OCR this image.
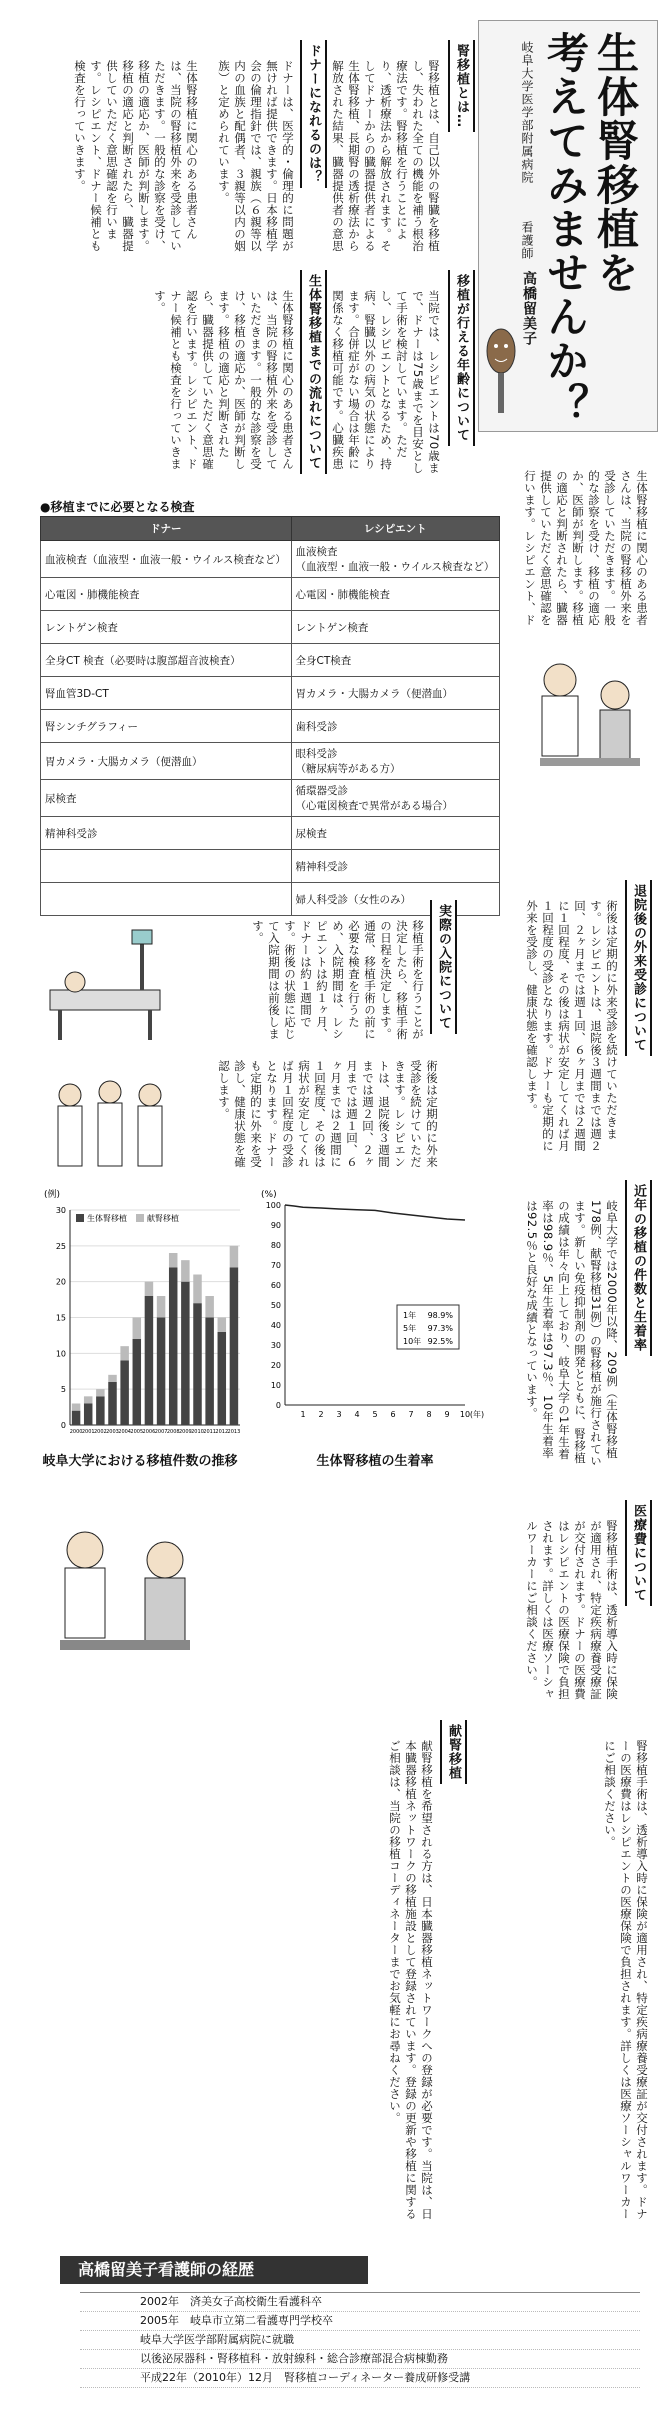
生体腎移植を
考えてみませんか？
岐阜大学医学部附属病院
看護師
高橋留美子
腎移植とは…
腎移植とは、自己以外の腎臓を移植し、失われた全ての機能を補う根治療法です。腎移植を行うことにより、透析療法から解放されます。そしてドナーからの臓器提供者による生体腎移植、長期腎の透析療法から解放された結果、臓器提供者の意思
移植が行える年齢について
当院では、レシピエントは70歳まで、ドナーは75歳までを目安として手術を検討しています。ただし、レシピエントとなるため、持病、腎臓以外の病気の状態によります。合併症がない場合は年齢に関係なく移植可能です。心臓疾患
ドナーになれるのは？
ドナーは、医学的・倫理的に問題が無ければ提供できます。日本移植学会の倫理指針では、親族（６親等以内の血族と配偶者、３親等以内の姻族）と定められています。
生体腎移植までの流れについて
生体腎移植に関心のある患者さんは、当院の腎移植外来を受診していただきます。一般的な診察を受け、移植の適応か、医師が判断します。移植の適応と判断されたら、臓器提供していただく意思確認を行います。レシピエント、ドナー候補とも検査を行っていきます。
生体腎移植に関心のある患者さんは、当院の腎移植外来を受診していただきます。一般的な診察を受け、移植の適応か、医師が判断します。移植の適応と判断されたら、臓器提供していただく意思確認を行います。レシピエント、ドナー候補とも検査を行っていきます。
●移植までに必要となる検査
ドナー	レシピエント
血液検査（血液型・血液一般・ウイルス検査など）	血液検査
（血液型・血液一般・ウイルス検査など）
心電図・肺機能検査	心電図・肺機能検査
レントゲン検査	レントゲン検査
全身CT 検査（必要時は腹部超音波検査）	全身CT検査
腎血管3D-CT	胃カメラ・大腸カメラ（便潜血）
腎シンチグラフィー	歯科受診
胃カメラ・大腸カメラ（便潜血）	眼科受診
（糖尿病等がある方）
尿検査	循環器受診
（心電図検査で異常がある場合）
精神科受診	尿検査
	精神科受診
	婦人科受診（女性のみ）
生体腎移植に関心のある患者さんは、当院の腎移植外来を受診していただきます。一般的な診察を受け、移植の適応か、医師が判断します。移植の適応と判断されたら、臓器提供していただく意思確認を行います。レシピエント、ド
実際の入院について
移植手術を行うことが決定したら、移植手術の日程を決定します。通常、移植手術の前に必要な検査を行うため、入院期間は、レシピエントは約１ヶ月、ドナーは約１週間です。術後の状態に応じて入院期間は前後します。	退院後の外来受診について
術後は定期的に外来受診を続けていただきます。レシピエントは、退院後３週間までは週２回、２ヶ月までは週１回、６ヶ月までは２週間に１回程度、その後は病状が安定してくれば月１回程度の受診となります。ドナーも定期的に外来を受診し、健康状態を確認します。
術後は定期的に外来受診を続けていただきます。レシピエントは、退院後３週間までは週２回、２ヶ月までは週１回、６ヶ月までは２週間に１回程度、その後は病状が安定してくれば月１回程度の受診となります。ドナーも定期的に外来を受診し、健康状態を確認します。
近年の移植の件数と生着率
岐阜大学では2000年以降、209例（生体腎移植178例、献腎移植31例）の腎移植が施行されています。新しい免疫抑制剤の開発とともに、腎移植の成績は年々向上しており、岐阜大学の1年生着率は98.9％、5年生着率は97.3％、10年生着率は92.5％と良好な成績となっています。
(例)
0
5
10
15
20
25
30
生体腎移植	献腎移植
2000 2001 2002 2003 2004 2005 2006 2007 2008 2009 2010 2011 2012 2013
岐阜大学における移植件数の推移
(%)
0
10
20
30
40
50
60
70
80
90
100
1 2 3 4 5 6 7 8 9 10 (年)
1年 98.9%
5年 97.3%
10年 92.5%
生体腎移植の生着率
医療費について
腎移植手術は、透析導入時に保険が適用され、特定疾病療養受療証が交付されます。ドナーの医療費はレシピエントの医療保険で負担されます。詳しくは医療ソーシャルワーカーにご相談ください。
献腎移植
献腎移植を希望される方は、日本臓器移植ネットワークへの登録が必要です。当院は、日本臓器移植ネットワークの移植施設として登録されています。登録の更新や移植に関するご相談は、当院の移植コーディネーターまでお気軽にお尋ねください。	腎移植手術は、透析導入時に保険が適用され、特定疾病療養受療証が交付されます。ドナーの医療費はレシピエントの医療保険で負担されます。詳しくは医療ソーシャルワーカーにご相談ください。
高橋留美子看護師の経歴
2002年　済美女子高校衛生看護科卒
2005年　岐阜市立第二看護専門学校卒
岐阜大学医学部附属病院に就職
以後泌尿器科・腎移植科・放射線科・総合診療部混合病棟勤務
平成22年（2010年）12月　腎移植コーディネーター養成研修受講
